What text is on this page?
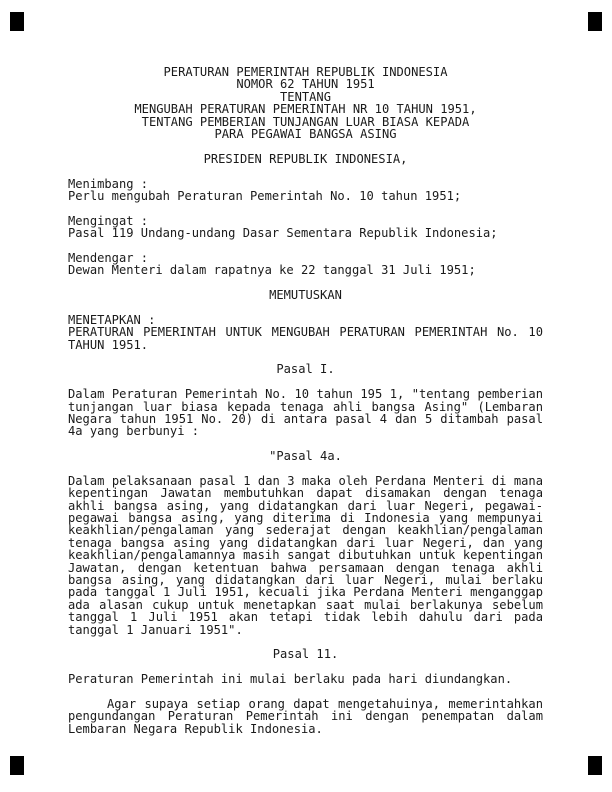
PERATURAN PEMERINTAH REPUBLIK INDONESIA
NOMOR 62 TAHUN 1951
TENTANG
MENGUBAH PERATURAN PEMERINTAH NR 10 TAHUN 1951,
TENTANG PEMBERIAN TUNJANGAN LUAR BIASA KEPADA
PARA PEGAWAI BANGSA ASING
PRESIDEN REPUBLIK INDONESIA,
Menimbang :
Perlu mengubah Peraturan Pemerintah No. 10 tahun 1951;
Mengingat :
Pasal 119 Undang-undang Dasar Sementara Republik Indonesia;
Mendengar :
Dewan Menteri dalam rapatnya ke 22 tanggal 31 Juli 1951;
MEMUTUSKAN
MENETAPKAN :
PERATURAN PEMERINTAH UNTUK MENGUBAH PERATURAN PEMERINTAH No. 10
TAHUN 1951.
Pasal I.
Dalam Peraturan Pemerintah No. 10 tahun 195 1, "tentang pemberian
tunjangan luar biasa kepada tenaga ahli bangsa Asing" (Lembaran
Negara tahun 1951 No. 20) di antara pasal 4 dan 5 ditambah pasal
4a yang berbunyi :
"Pasal 4a.
Dalam pelaksanaan pasal 1 dan 3 maka oleh Perdana Menteri di mana
kepentingan Jawatan membutuhkan dapat disamakan dengan tenaga
akhli bangsa asing, yang didatangkan dari luar Negeri, pegawai-
pegawai bangsa asing, yang diterima di Indonesia yang mempunyai
keakhlian/pengalaman yang sederajat dengan keakhlian/pengalaman
tenaga bangsa asing yang didatangkan dari luar Negeri, dan yang
keakhlian/pengalamannya masih sangat dibutuhkan untuk kepentingan
Jawatan, dengan ketentuan bahwa persamaan dengan tenaga akhli
bangsa asing, yang didatangkan dari luar Negeri, mulai berlaku
pada tanggal 1 Juli 1951, kecuali jika Perdana Menteri menganggap
ada alasan cukup untuk menetapkan saat mulai berlakunya sebelum
tanggal 1 Juli 1951 akan tetapi tidak lebih dahulu dari pada
tanggal 1 Januari 1951".
Pasal 11.
Peraturan Pemerintah ini mulai berlaku pada hari diundangkan.
Agar supaya setiap orang dapat mengetahuinya, memerintahkan
pengundangan Peraturan Pemerintah ini dengan penempatan dalam
Lembaran Negara Republik Indonesia.
